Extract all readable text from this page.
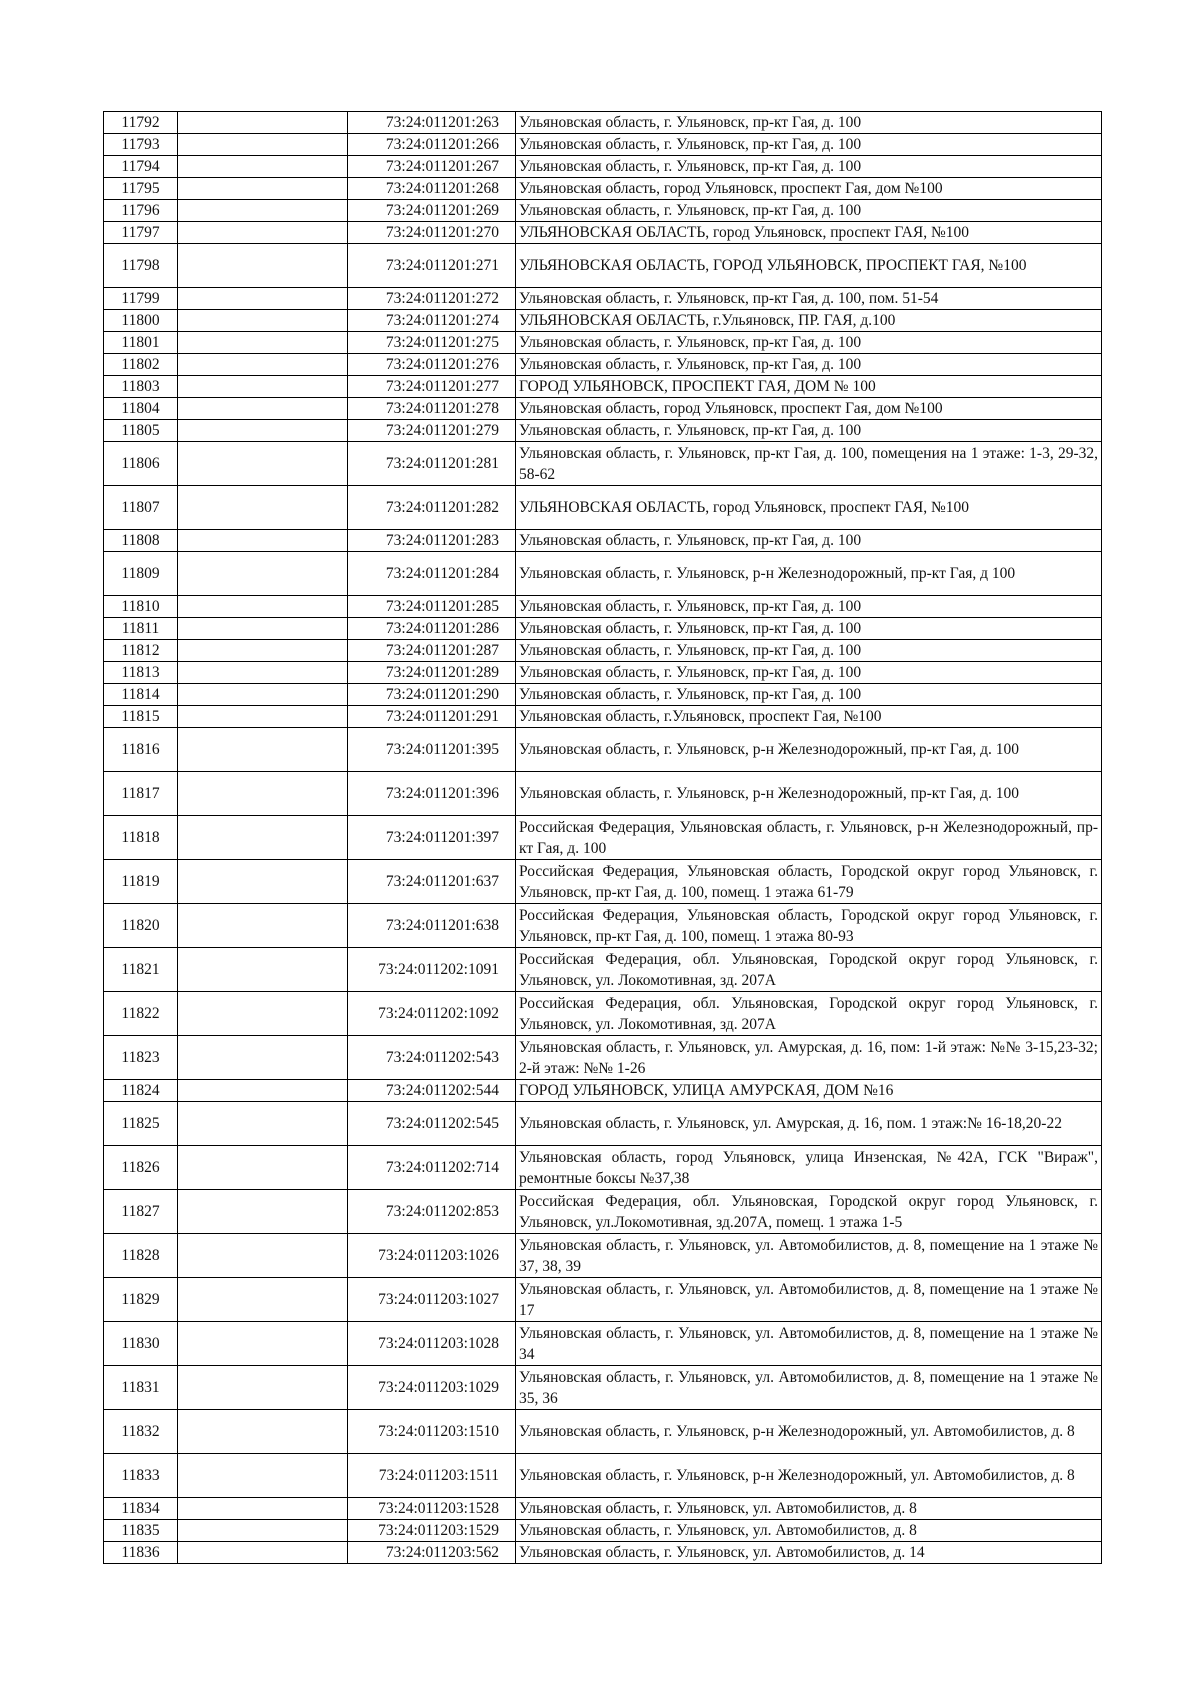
11792		73:24:011201:263	Ульяновская область, г. Ульяновск, пр-кт Гая, д. 100
11793		73:24:011201:266	Ульяновская область, г. Ульяновск, пр-кт Гая, д. 100
11794		73:24:011201:267	Ульяновская область, г. Ульяновск, пр-кт Гая, д. 100
11795		73:24:011201:268	Ульяновская область, город Ульяновск, проспект Гая, дом №100
11796		73:24:011201:269	Ульяновская область, г. Ульяновск, пр-кт Гая, д. 100
11797		73:24:011201:270	УЛЬЯНОВСКАЯ ОБЛАСТЬ, город Ульяновск, проспект ГАЯ, №100
11798		73:24:011201:271	УЛЬЯНОВСКАЯ ОБЛАСТЬ, ГОРОД УЛЬЯНОВСК, ПРОСПЕКТ ГАЯ, №100
11799		73:24:011201:272	Ульяновская область, г. Ульяновск, пр-кт Гая, д. 100, пом. 51-54
11800		73:24:011201:274	УЛЬЯНОВСКАЯ ОБЛАСТЬ, г.Ульяновск, ПР. ГАЯ, д.100
11801		73:24:011201:275	Ульяновская область, г. Ульяновск, пр-кт Гая, д. 100
11802		73:24:011201:276	Ульяновская область, г. Ульяновск, пр-кт Гая, д. 100
11803		73:24:011201:277	ГОРОД УЛЬЯНОВСК, ПРОСПЕКТ ГАЯ, ДОМ № 100
11804		73:24:011201:278	Ульяновская область, город Ульяновск, проспект Гая, дом №100
11805		73:24:011201:279	Ульяновская область, г. Ульяновск, пр-кт Гая, д. 100
11806		73:24:011201:281	Ульяновская область, г. Ульяновск, пр-кт Гая, д. 100, помещения на 1 этаже: 1-3, 29-32, 58-62
11807		73:24:011201:282	УЛЬЯНОВСКАЯ ОБЛАСТЬ, город Ульяновск, проспект ГАЯ, №100
11808		73:24:011201:283	Ульяновская область, г. Ульяновск, пр-кт Гая, д. 100
11809		73:24:011201:284	Ульяновская область, г. Ульяновск, р-н Железнодорожный, пр-кт Гая, д 100
11810		73:24:011201:285	Ульяновская область, г. Ульяновск, пр-кт Гая, д. 100
11811		73:24:011201:286	Ульяновская область, г. Ульяновск, пр-кт Гая, д. 100
11812		73:24:011201:287	Ульяновская область, г. Ульяновск, пр-кт Гая, д. 100
11813		73:24:011201:289	Ульяновская область, г. Ульяновск, пр-кт Гая, д. 100
11814		73:24:011201:290	Ульяновская область, г. Ульяновск, пр-кт Гая, д. 100
11815		73:24:011201:291	Ульяновская область, г.Ульяновск, проспект Гая, №100
11816		73:24:011201:395	Ульяновская область, г. Ульяновск, р-н Железнодорожный, пр-кт Гая, д. 100
11817		73:24:011201:396	Ульяновская область, г. Ульяновск, р-н Железнодорожный, пр-кт Гая, д. 100
11818		73:24:011201:397	Российская Федерация, Ульяновская область, г. Ульяновск, р-н Железнодорожный, пр-кт Гая, д. 100
11819		73:24:011201:637	Российская Федерация, Ульяновская область, Городской округ город Ульяновск, г. Ульяновск, пр-кт Гая, д. 100, помещ. 1 этажа 61-79
11820		73:24:011201:638	Российская Федерация, Ульяновская область, Городской округ город Ульяновск, г. Ульяновск, пр-кт Гая, д. 100, помещ. 1 этажа 80-93
11821		73:24:011202:1091	Российская Федерация, обл. Ульяновская, Городской округ город Ульяновск, г. Ульяновск, ул. Локомотивная, зд. 207А
11822		73:24:011202:1092	Российская Федерация, обл. Ульяновская, Городской округ город Ульяновск, г. Ульяновск, ул. Локомотивная, зд. 207А
11823		73:24:011202:543	Ульяновская область, г. Ульяновск, ул. Амурская, д. 16, пом: 1-й этаж: №№ 3-15,23-32; 2-й этаж: №№ 1-26
11824		73:24:011202:544	ГОРОД УЛЬЯНОВСК, УЛИЦА АМУРСКАЯ, ДОМ №16
11825		73:24:011202:545	Ульяновская область, г. Ульяновск, ул. Амурская, д. 16, пом. 1 этаж:№ 16-18,20-22
11826		73:24:011202:714	Ульяновская область, город Ульяновск, улица Инзенская, №42А, ГСК "Вираж", ремонтные боксы №37,38
11827		73:24:011202:853	Российская Федерация, обл. Ульяновская, Городской округ город Ульяновск, г. Ульяновск, ул.Локомотивная, зд.207А, помещ. 1 этажа 1-5
11828		73:24:011203:1026	Ульяновская область, г. Ульяновск, ул. Автомобилистов, д. 8, помещение на 1 этаже № 37, 38, 39
11829		73:24:011203:1027	Ульяновская область, г. Ульяновск, ул. Автомобилистов, д. 8, помещение на 1 этаже № 17
11830		73:24:011203:1028	Ульяновская область, г. Ульяновск, ул. Автомобилистов, д. 8, помещение на 1 этаже № 34
11831		73:24:011203:1029	Ульяновская область, г. Ульяновск, ул. Автомобилистов, д. 8, помещение на 1 этаже № 35, 36
11832		73:24:011203:1510	Ульяновская область, г. Ульяновск, р-н Железнодорожный, ул. Автомобилистов, д. 8
11833		73:24:011203:1511	Ульяновская область, г. Ульяновск, р-н Железнодорожный, ул. Автомобилистов, д. 8
11834		73:24:011203:1528	Ульяновская область, г. Ульяновск, ул. Автомобилистов, д. 8
11835		73:24:011203:1529	Ульяновская область, г. Ульяновск, ул. Автомобилистов, д. 8
11836		73:24:011203:562	Ульяновская область, г. Ульяновск, ул. Автомобилистов, д. 14
